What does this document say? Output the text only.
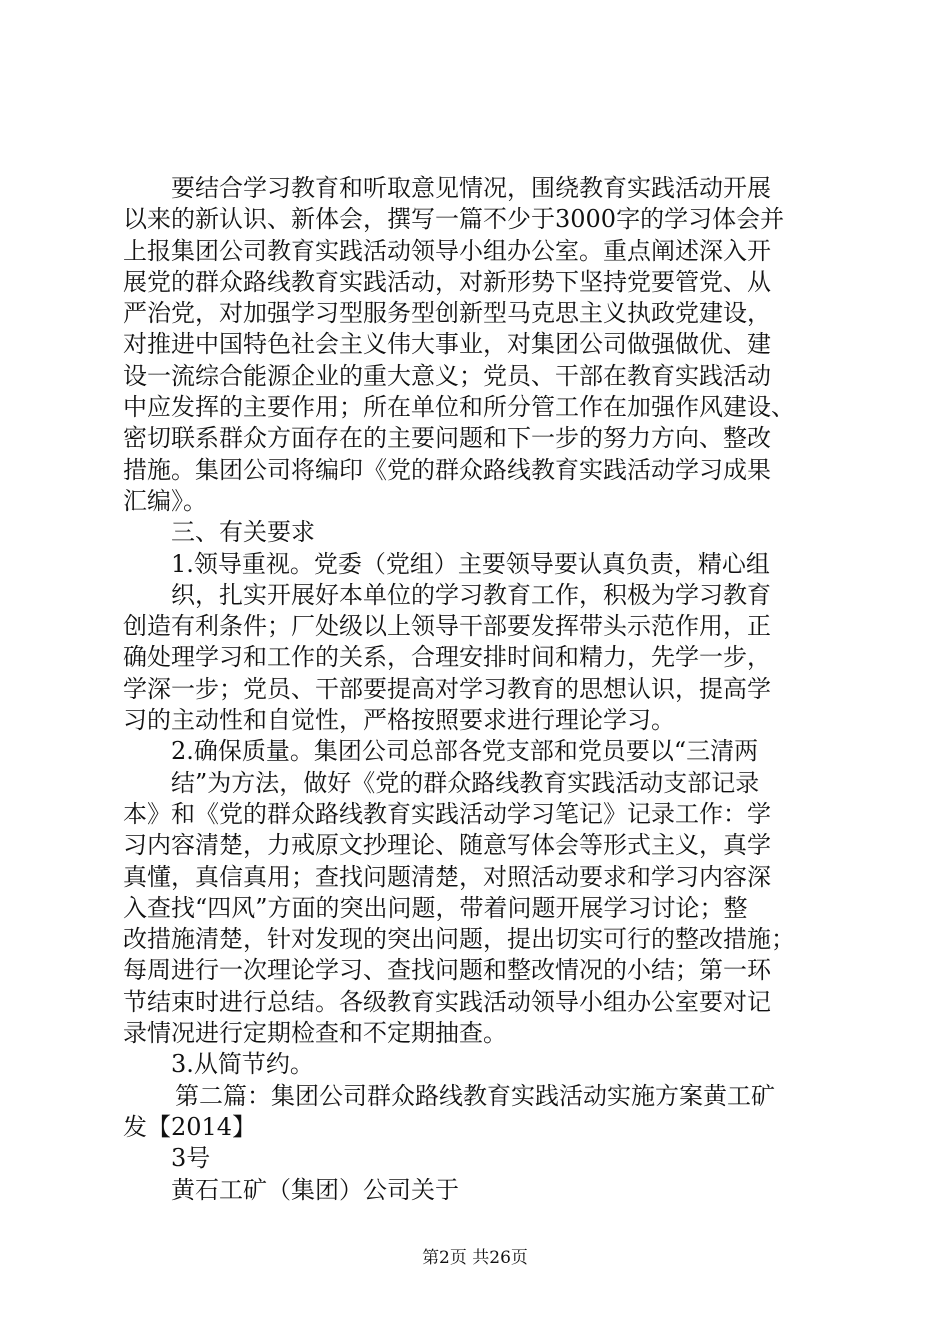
要结合学习教育和听取意见情况，围绕教育实践活动开展
以来的新认识、新体会，撰写一篇不少于3000字的学习体会并
上报集团公司教育实践活动领导小组办公室。重点阐述深入开
展党的群众路线教育实践活动，对新形势下坚持党要管党、从
严治党，对加强学习型服务型创新型马克思主义执政党建设，
对推进中国特色社会主义伟大事业，对集团公司做强做优、建
设一流综合能源企业的重大意义；党员、干部在教育实践活动
中应发挥的主要作用；所在单位和所分管工作在加强作风建设、
密切联系群众方面存在的主要问题和下一步的努力方向、整改
措施。集团公司将编印《党的群众路线教育实践活动学习成果
汇编》。
三、有关要求
1.领导重视。党委（党组）主要领导要认真负责，精心组
织，扎实开展好本单位的学习教育工作，积极为学习教育
创造有利条件；厂处级以上领导干部要发挥带头示范作用，正
确处理学习和工作的关系，合理安排时间和精力，先学一步，
学深一步；党员、干部要提高对学习教育的思想认识，提高学
习的主动性和自觉性，严格按照要求进行理论学习。
2.确保质量。集团公司总部各党支部和党员要以“三清两
结”为方法，做好《党的群众路线教育实践活动支部记录
本》和《党的群众路线教育实践活动学习笔记》记录工作：学
习内容清楚，力戒原文抄理论、随意写体会等形式主义，真学
真懂，真信真用；查找问题清楚，对照活动要求和学习内容深
入查找“四风”方面的突出问题，带着问题开展学习讨论；整
改措施清楚，针对发现的突出问题，提出切实可行的整改措施；
每周进行一次理论学习、查找问题和整改情况的小结；第一环
节结束时进行总结。各级教育实践活动领导小组办公室要对记
录情况进行定期检查和不定期抽查。
3.从简节约。
第二篇：集团公司群众路线教育实践活动实施方案黄工矿
发【2014】
3号
黄石工矿（集团）公司关于
第2页 共26页
